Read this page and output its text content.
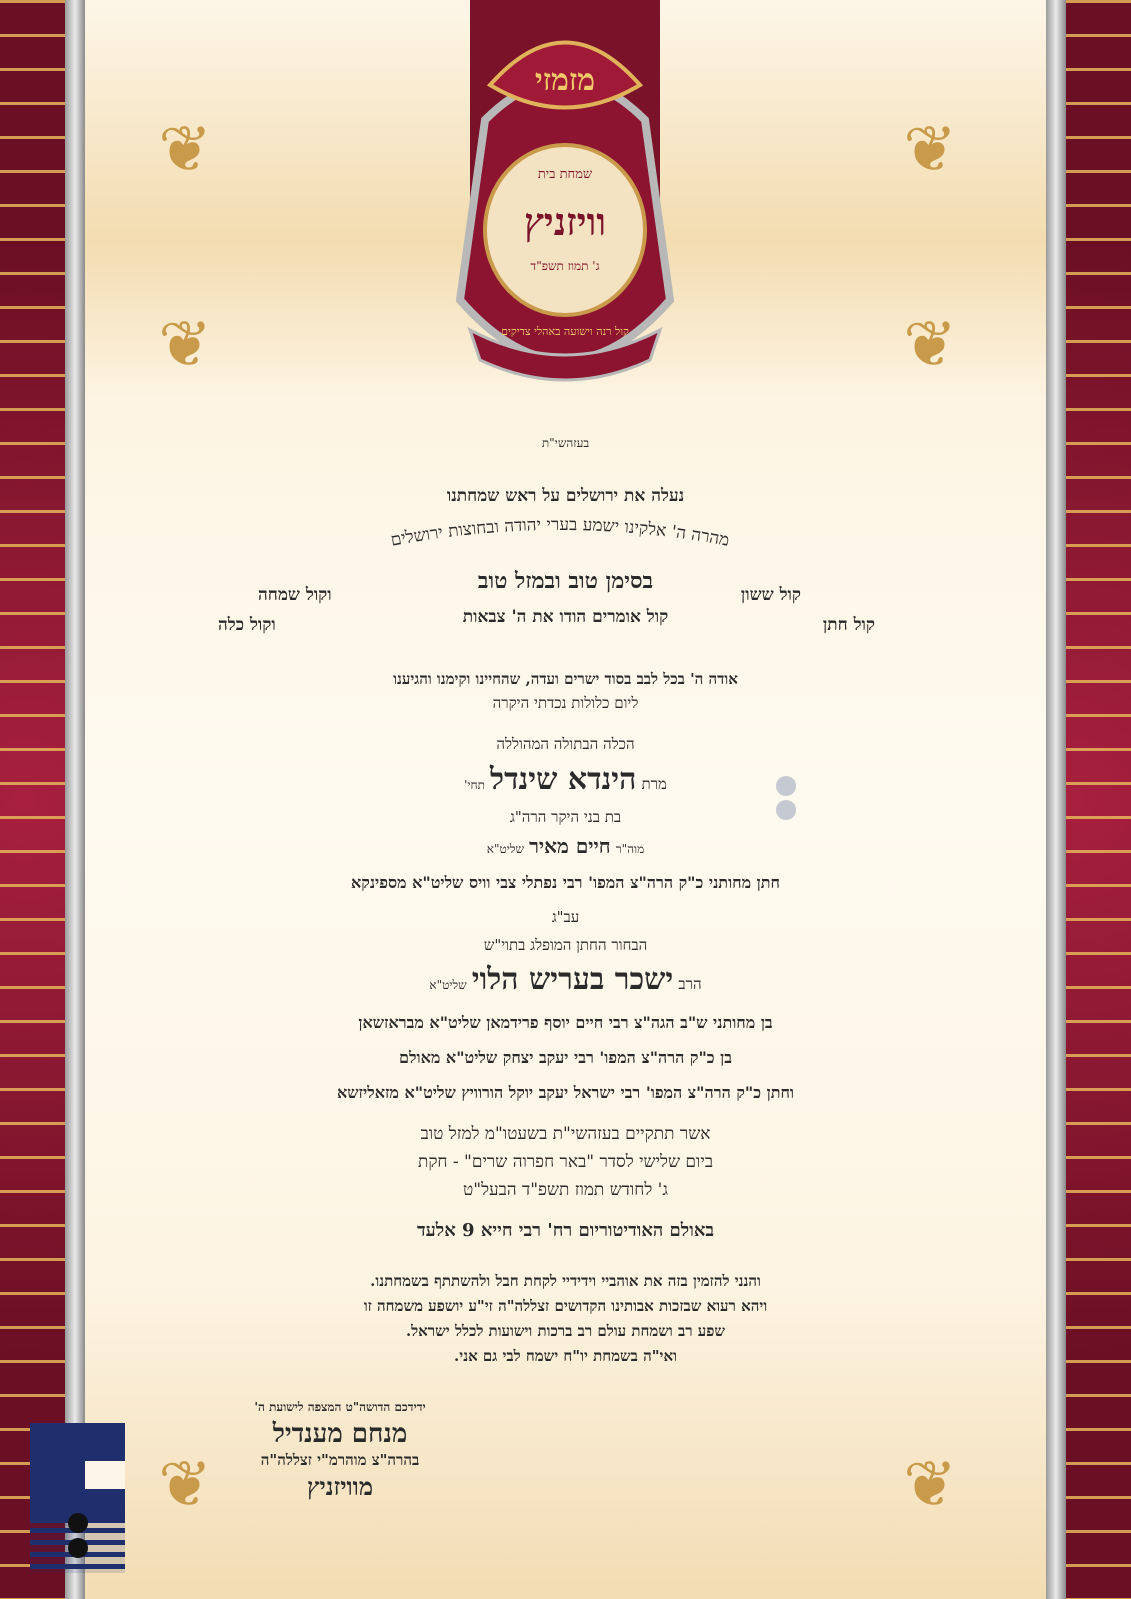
❦	❦
❦	❦
❦	❦
מזמזי
שמחת בית
וויזניץ
ג' תמוז תשפ"ד
קול רנה וישועה באהלי צדיקים
בעזהשי"ת
נעלה את ירושלים על ראש שמחתנו
מהרה ה' אלקינו ישמע בערי יהודה ובחוצות ירושלים
בסימן טוב ובמזל טוב
קול ששון
וקול שמחה
קול חתן
וקול כלה	קול אומרים הודו את ה' צבאות
אודה ה' בכל לבב בסוד ישרים ועדה, שהחיינו וקימנו והגיענו
ליום כלולות נכדתי היקרה
הכלה הבתולה המהוללה
מרת הינדא שינדל תחי'
בת בני היקר הרה"ג
מוה"ר חיים מאיר שליט"א
חתן מחותני כ"ק הרה"צ המפו' רבי נפתלי צבי וויס שליט"א מספינקא
עב"ג
הבחור החתן המופלג בתוי"ש
הרב ישכר בעריש הלוי שליט"א
בן מחותני ש"ב הגה"צ רבי חיים יוסף פרידמאן שליט"א מבראזשאן
בן כ"ק הרה"צ המפו' רבי יעקב יצחק שליט"א מאולם
וחתן כ"ק הרה"צ המפו' רבי ישראל יעקב יוקל הורוויץ שליט"א מזאליזשא
אשר תתקיים בעזהשי"ת בשעטו"מ למזל טוב
ביום שלישי לסדר "באר חפרוה שרים" - חקת
ג' לחודש תמוז תשפ"ד הבעל"ט
באולם האודיטוריום רח' רבי חייא 9 אלעד
והנני להזמין בזה את אוהביי וידידיי לקחת חבל ולהשתתף בשמחתנו.
ויהא רעוא שבזכות אבותינו הקדושים זצללה"ה זי"ע יושפע משמחה זו
שפע רב ושמחת עולם רב ברכות וישועות לכלל ישראל.
ואי"ה בשמחת יו"ח ישמח לבי גם אני.
ידידכם הדושה"ט המצפה לישועת ה'
מנחם מענדיל
בהרה"צ מוהרמ"י זצללה"ה
מוויזניץ
